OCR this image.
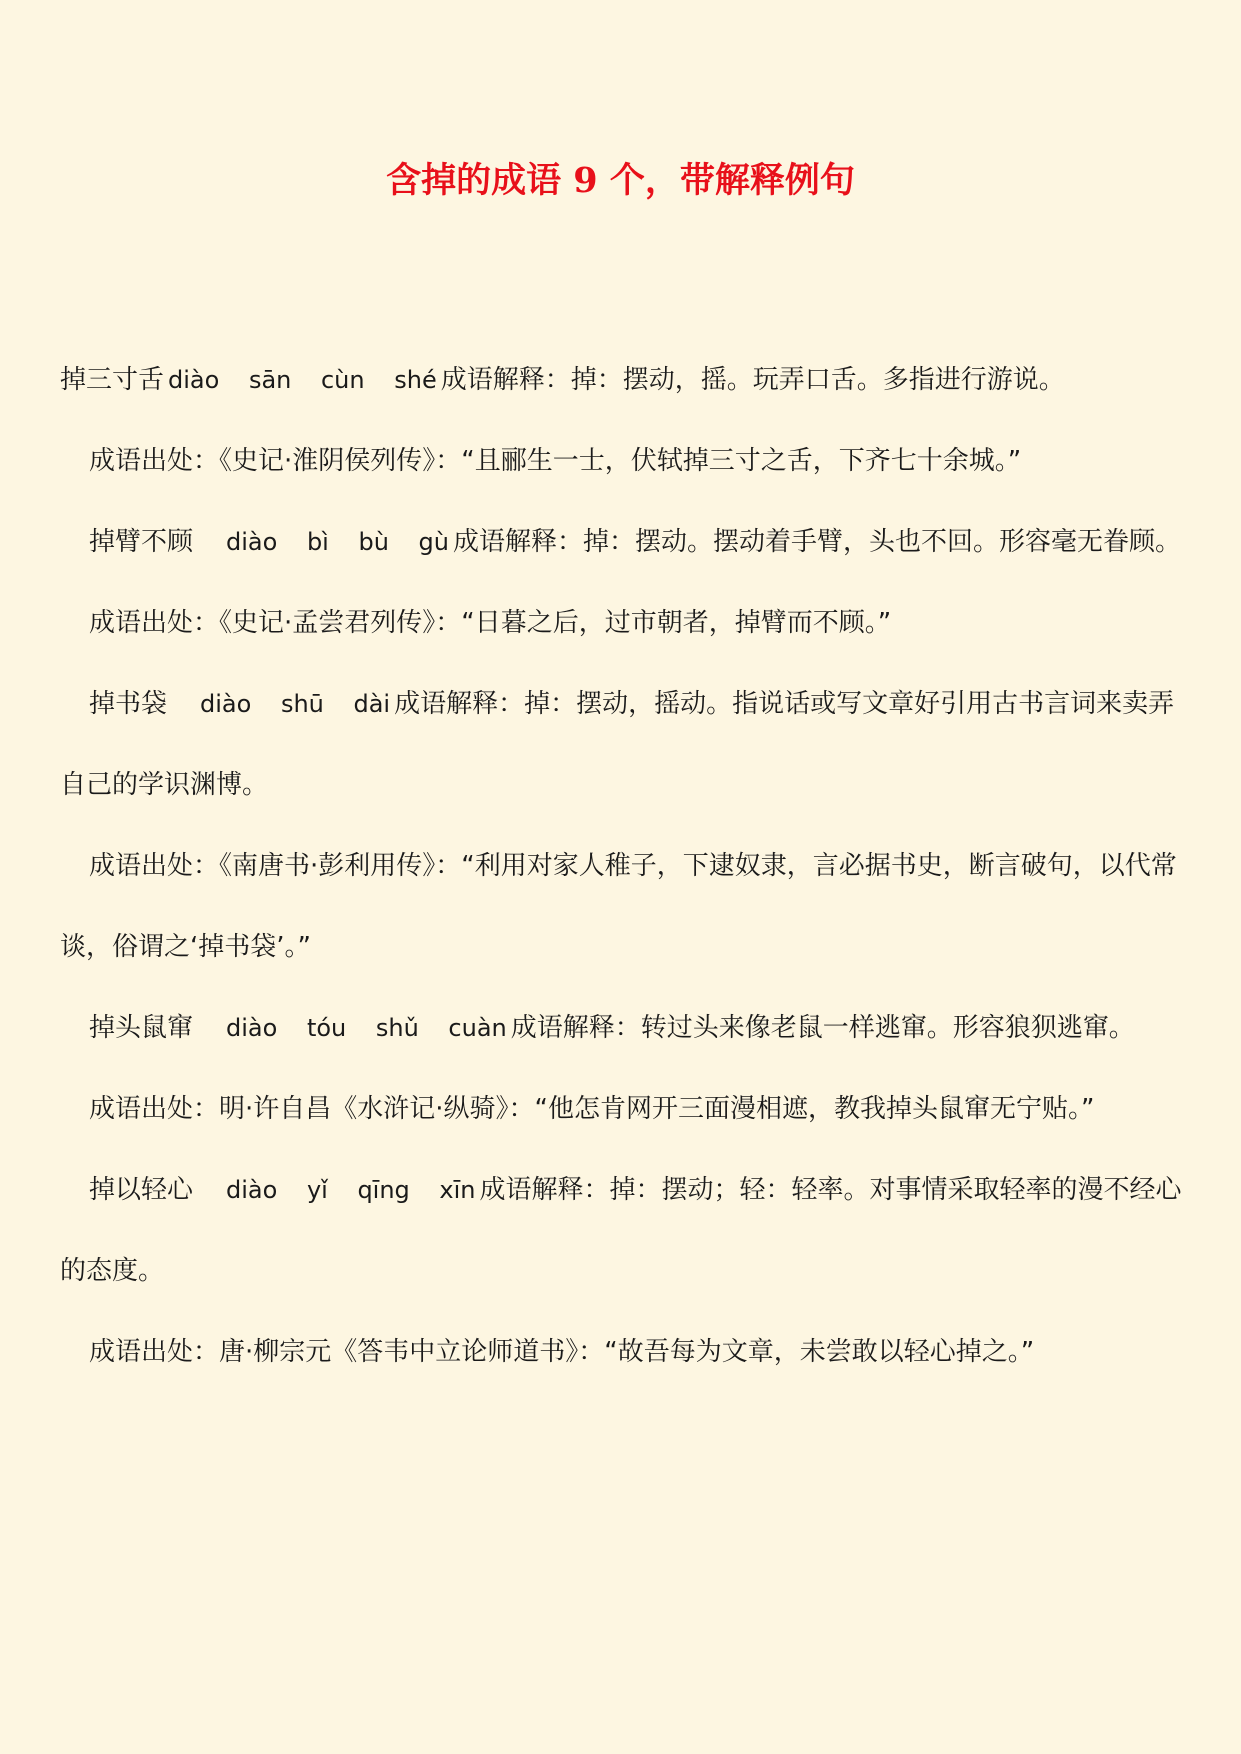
含掉的成语 9 个，带解释例句

掉三寸舌 diào sān cùn shé 成语解释：掉：摆动，摇。玩弄口舌。多指进行游说。

成语出处：《史记·淮阴侯列传》：“且郦生一士，伏轼掉三寸之舌，下齐七十余城。”

掉臂不顾 diào bì bù gù 成语解释：掉：摆动。摆动着手臂，头也不回。形容毫无眷顾。

成语出处：《史记·孟尝君列传》：“日暮之后，过市朝者，掉臂而不顾。”

掉书袋 diào shū dài 成语解释：掉：摆动，摇动。指说话或写文章好引用古书言词来卖弄自己的学识渊博。

成语出处：《南唐书·彭利用传》：“利用对家人稚子，下逮奴隶，言必据书史，断言破句，以代常谈，俗谓之‘掉书袋’。”

掉头鼠窜 diào tóu shǔ cuàn 成语解释：转过头来像老鼠一样逃窜。形容狼狈逃窜。

成语出处：明·许自昌《水浒记·纵骑》：“他怎肯网开三面漫相遮，教我掉头鼠窜无宁贴。”

掉以轻心 diào yǐ qīng xīn 成语解释：掉：摆动；轻：轻率。对事情采取轻率的漫不经心的态度。

成语出处：唐·柳宗元《答韦中立论师道书》：“故吾每为文章，未尝敢以轻心掉之。”
